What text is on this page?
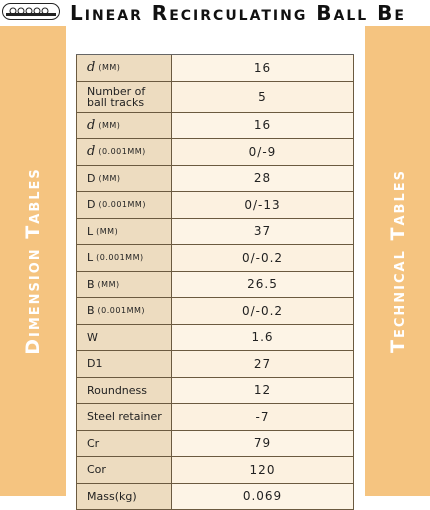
Linear Recirculating Ball Be
Dimension Tables	Technical Tables
d (MM)	16
Number of ball tracks	5
d (MM)	16
d (0.001MM)	0/-9
D (MM)	28
D (0.001MM)	0/-13
L (MM)	37
L (0.001MM)	0/-0.2
B (MM)	26.5
B (0.001MM)	0/-0.2
W	1.6
D1	27
Roundness	12
Steel retainer	-7
Cr	79
Cor	120
Mass(kg)	0.069
